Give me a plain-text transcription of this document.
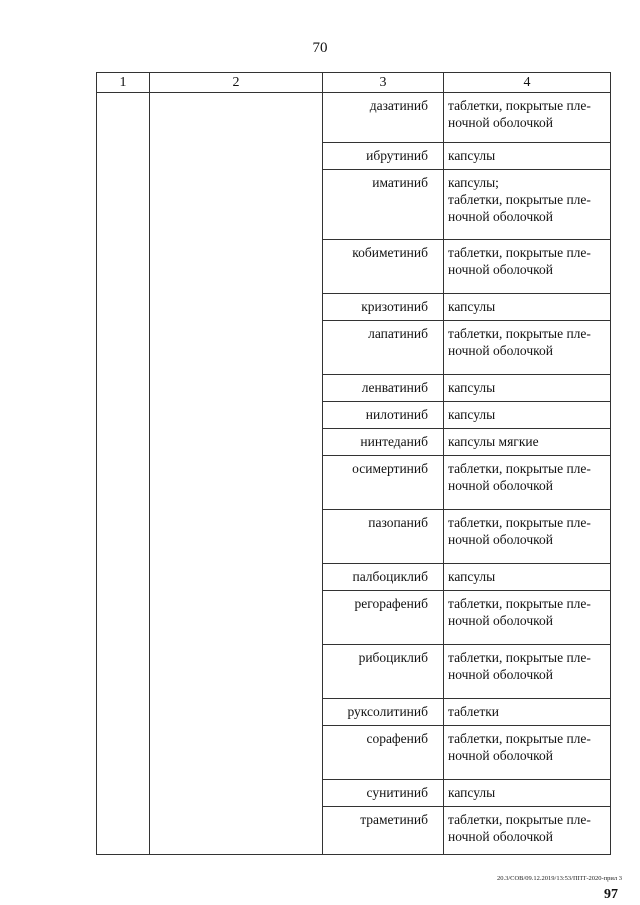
70
1	2	3	4
		дазатиниб	таблетки, покрытые пле-
ночной оболочкой
		ибрутиниб	капсулы
		иматиниб	капсулы;
таблетки, покрытые пле-
ночной оболочкой
		кобиметиниб	таблетки, покрытые пле-
ночной оболочкой
		кризотиниб	капсулы
		лапатиниб	таблетки, покрытые пле-
ночной оболочкой
		ленватиниб	капсулы
		нилотиниб	капсулы
		нинтеданиб	капсулы мягкие
		осимертиниб	таблетки, покрытые пле-
ночной оболочкой
		пазопаниб	таблетки, покрытые пле-
ночной оболочкой
		палбоциклиб	капсулы
		регорафениб	таблетки, покрытые пле-
ночной оболочкой
		рибоциклиб	таблетки, покрытые пле-
ночной оболочкой
		руксолитиниб	таблетки
		сорафениб	таблетки, покрытые пле-
ночной оболочкой
		сунитиниб	капсулы
		траметиниб	таблетки, покрытые пле-
ночной оболочкой
20.3/СОВ/09.12.2019/13:53/ППТ-2020-прил 3
97
